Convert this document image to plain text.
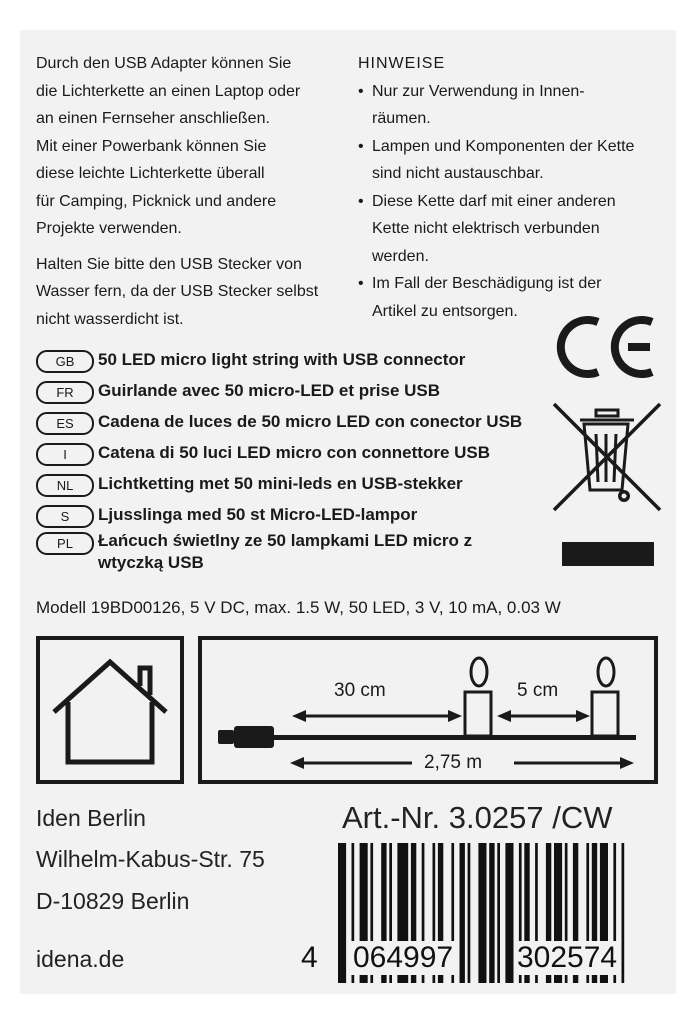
Durch den USB Adapter können Sie
die Lichterkette an einen Laptop oder
an einen Fernseher anschließen.
Mit einer Powerbank können Sie
diese leichte Lichterkette überall
für Camping, Picknick und andere
Projekte verwenden.

Halten Sie bitte den USB Stecker von
Wasser fern, da der USB Stecker selbst
nicht wasserdicht ist.

HINWEISE
• Nur zur Verwendung in Innen-
räumen.
• Lampen und Komponenten der Kette
sind nicht austauschbar.
• Diese Kette darf mit einer anderen
Kette nicht elektrisch verbunden
werden.
• Im Fall der Beschädigung ist der
Artikel zu entsorgen.
GB	50 LED micro light string with USB connector
FR	Guirlande avec 50 micro-LED et prise USB
ES	Cadena de luces de 50 micro LED con conector USB
I	Catena di 50 luci LED micro con connettore USB
NL	Lichtketting met 50 mini-leds en USB-stekker
S	Ljusslinga med 50 st Micro-LED-lampor
PL	Łańcuch świetlny ze 50 lampkami LED micro z wtyczką USB
Modell 19BD00126, 5 V DC, max. 1.5 W, 50 LED, 3 V, 10 mA, 0.03 W
30 cm	5 cm
2,75 m
Iden Berlin
Wilhelm-Kabus-Str. 75
D-10829 Berlin
idena.de
Art.-Nr. 3.0257 /CW
4 064997 302574
